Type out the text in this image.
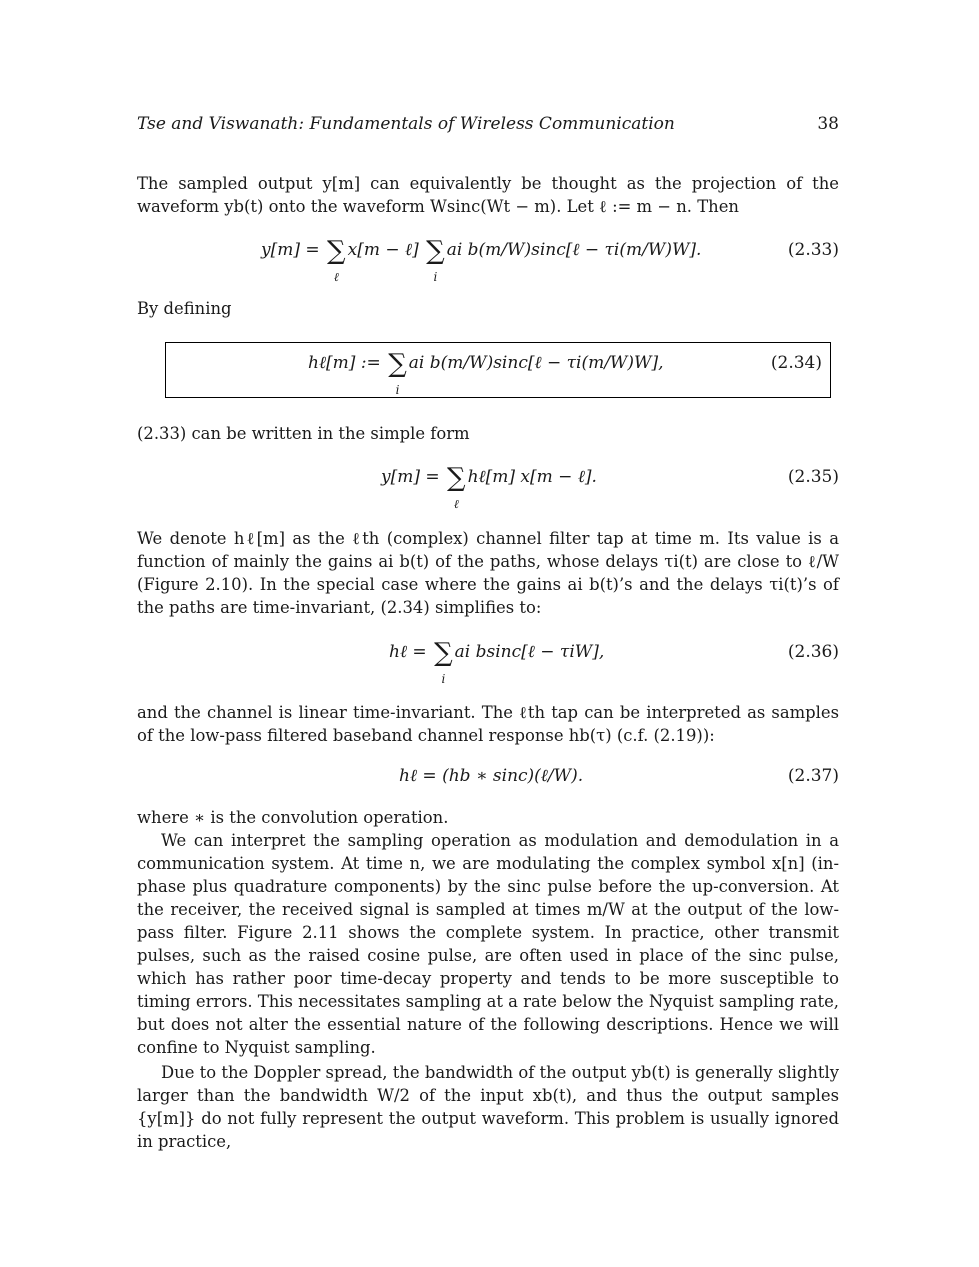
Tse and Viswanath: Fundamentals of Wireless Communication	38
The sampled output y[m] can equivalently be thought as the projection of the waveform yb(t) onto the waveform Wsinc(Wt − m). Let ℓ := m − n. Then
y[m] = ∑
ℓ
x[m − ℓ] ∑
i
ai b(m/W)sinc[ℓ − τi(m/W)W].	(2.33)
By defining
hℓ[m] := ∑
i
ai b(m/W)sinc[ℓ − τi(m/W)W],	(2.34)
(2.33) can be written in the simple form
y[m] = ∑
ℓ
hℓ[m] x[m − ℓ].	(2.35)
We denote hℓ[m] as the ℓth (complex) channel filter tap at time m. Its value is a function of mainly the gains ai b(t) of the paths, whose delays τi(t) are close to ℓ/W (Figure 2.10). In the special case where the gains ai b(t)’s and the delays τi(t)’s of the paths are time-invariant, (2.34) simplifies to:
hℓ = ∑
i
ai bsinc[ℓ − τiW],	(2.36)
and the channel is linear time-invariant. The ℓth tap can be interpreted as samples of the low-pass filtered baseband channel response hb(τ) (c.f. (2.19)):
hℓ = (hb ∗ sinc)(ℓ/W).	(2.37)
where ∗ is the convolution operation.
We can interpret the sampling operation as modulation and demodulation in a communication system. At time n, we are modulating the complex symbol x[n] (in-phase plus quadrature components) by the sinc pulse before the up-conversion. At the receiver, the received signal is sampled at times m/W at the output of the low-pass filter. Figure 2.11 shows the complete system. In practice, other transmit pulses, such as the raised cosine pulse, are often used in place of the sinc pulse, which has rather poor time-decay property and tends to be more susceptible to timing errors. This necessitates sampling at a rate below the Nyquist sampling rate, but does not alter the essential nature of the following descriptions. Hence we will confine to Nyquist sampling.
Due to the Doppler spread, the bandwidth of the output yb(t) is generally slightly larger than the bandwidth W/2 of the input xb(t), and thus the output samples {y[m]} do not fully represent the output waveform. This problem is usually ignored in practice,
